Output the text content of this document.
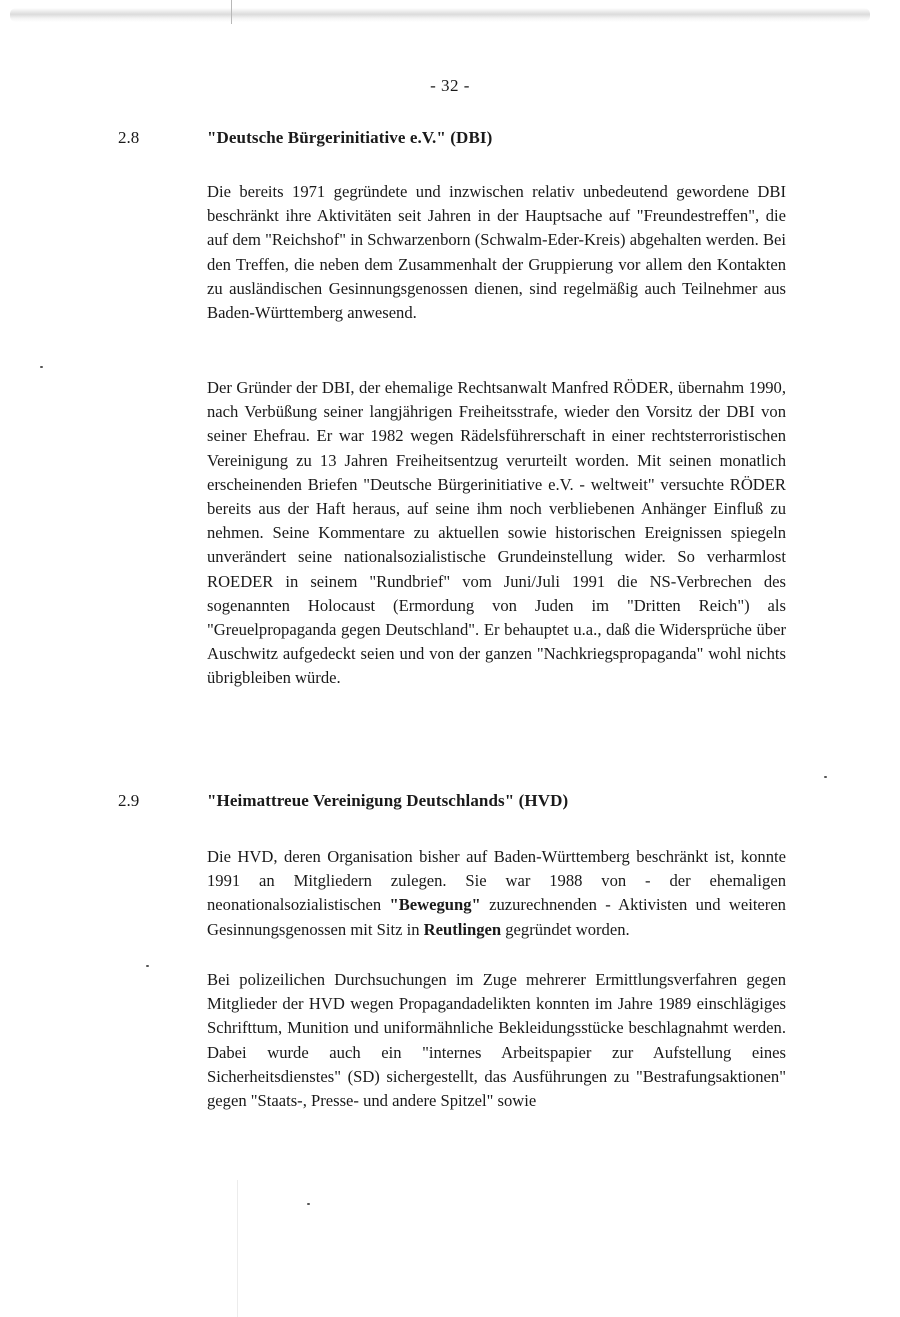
- 32 -
2.8	"Deutsche Bürgerinitiative e.V." (DBI)

Die bereits 1971 gegründete und inzwischen relativ unbedeutend gewordene DBI beschränkt ihre Aktivitäten seit Jahren in der Hauptsache auf "Freundestreffen", die auf dem "Reichshof" in Schwarzenborn (Schwalm-Eder-Kreis) abgehalten werden. Bei den Treffen, die neben dem Zusammenhalt der Gruppierung vor allem den Kontakten zu ausländischen Gesinnungsgenossen dienen, sind regelmäßig auch Teilnehmer aus Baden-Württemberg anwesend.

Der Gründer der DBI, der ehemalige Rechtsanwalt Manfred RÖDER, übernahm 1990, nach Verbüßung seiner langjährigen Freiheitsstrafe, wieder den Vorsitz der DBI von seiner Ehefrau. Er war 1982 wegen Rädelsführerschaft in einer rechtsterroristischen Vereinigung zu 13 Jahren Freiheitsentzug verurteilt worden. Mit seinen monatlich erscheinenden Briefen "Deutsche Bürgerinitiative e.V. - weltweit" versuchte RÖDER bereits aus der Haft heraus, auf seine ihm noch verbliebenen Anhänger Einfluß zu nehmen. Seine Kommentare zu aktuellen sowie historischen Ereignissen spiegeln unverändert seine nationalsozialistische Grundeinstellung wider. So verharmlost ROEDER in seinem "Rundbrief" vom Juni/Juli 1991 die NS-Verbrechen des sogenannten Holocaust (Ermordung von Juden im "Dritten Reich") als "Greuelpropaganda gegen Deutschland". Er behauptet u.a., daß die Widersprüche über Auschwitz aufgedeckt seien und von der ganzen "Nachkriegspropaganda" wohl nichts übrigbleiben würde.

2.9	"Heimattreue Vereinigung Deutschlands" (HVD)

Die HVD, deren Organisation bisher auf Baden-Württemberg beschränkt ist, konnte 1991 an Mitgliedern zulegen. Sie war 1988 von - der ehemaligen neonationalsozialistischen "Bewegung" zuzurechnenden - Aktivisten und weiteren Gesinnungsgenossen mit Sitz in Reutlingen gegründet worden.

Bei polizeilichen Durchsuchungen im Zuge mehrerer Ermittlungsverfahren gegen Mitglieder der HVD wegen Propagandadelikten konnten im Jahre 1989 einschlägiges Schrifttum, Munition und uniformähnliche Bekleidungsstücke beschlagnahmt werden. Dabei wurde auch ein "internes Arbeitspapier zur Aufstellung eines Sicherheitsdienstes" (SD) sichergestellt, das Ausführungen zu "Bestrafungsaktionen" gegen "Staats-, Presse- und andere Spitzel" sowie
